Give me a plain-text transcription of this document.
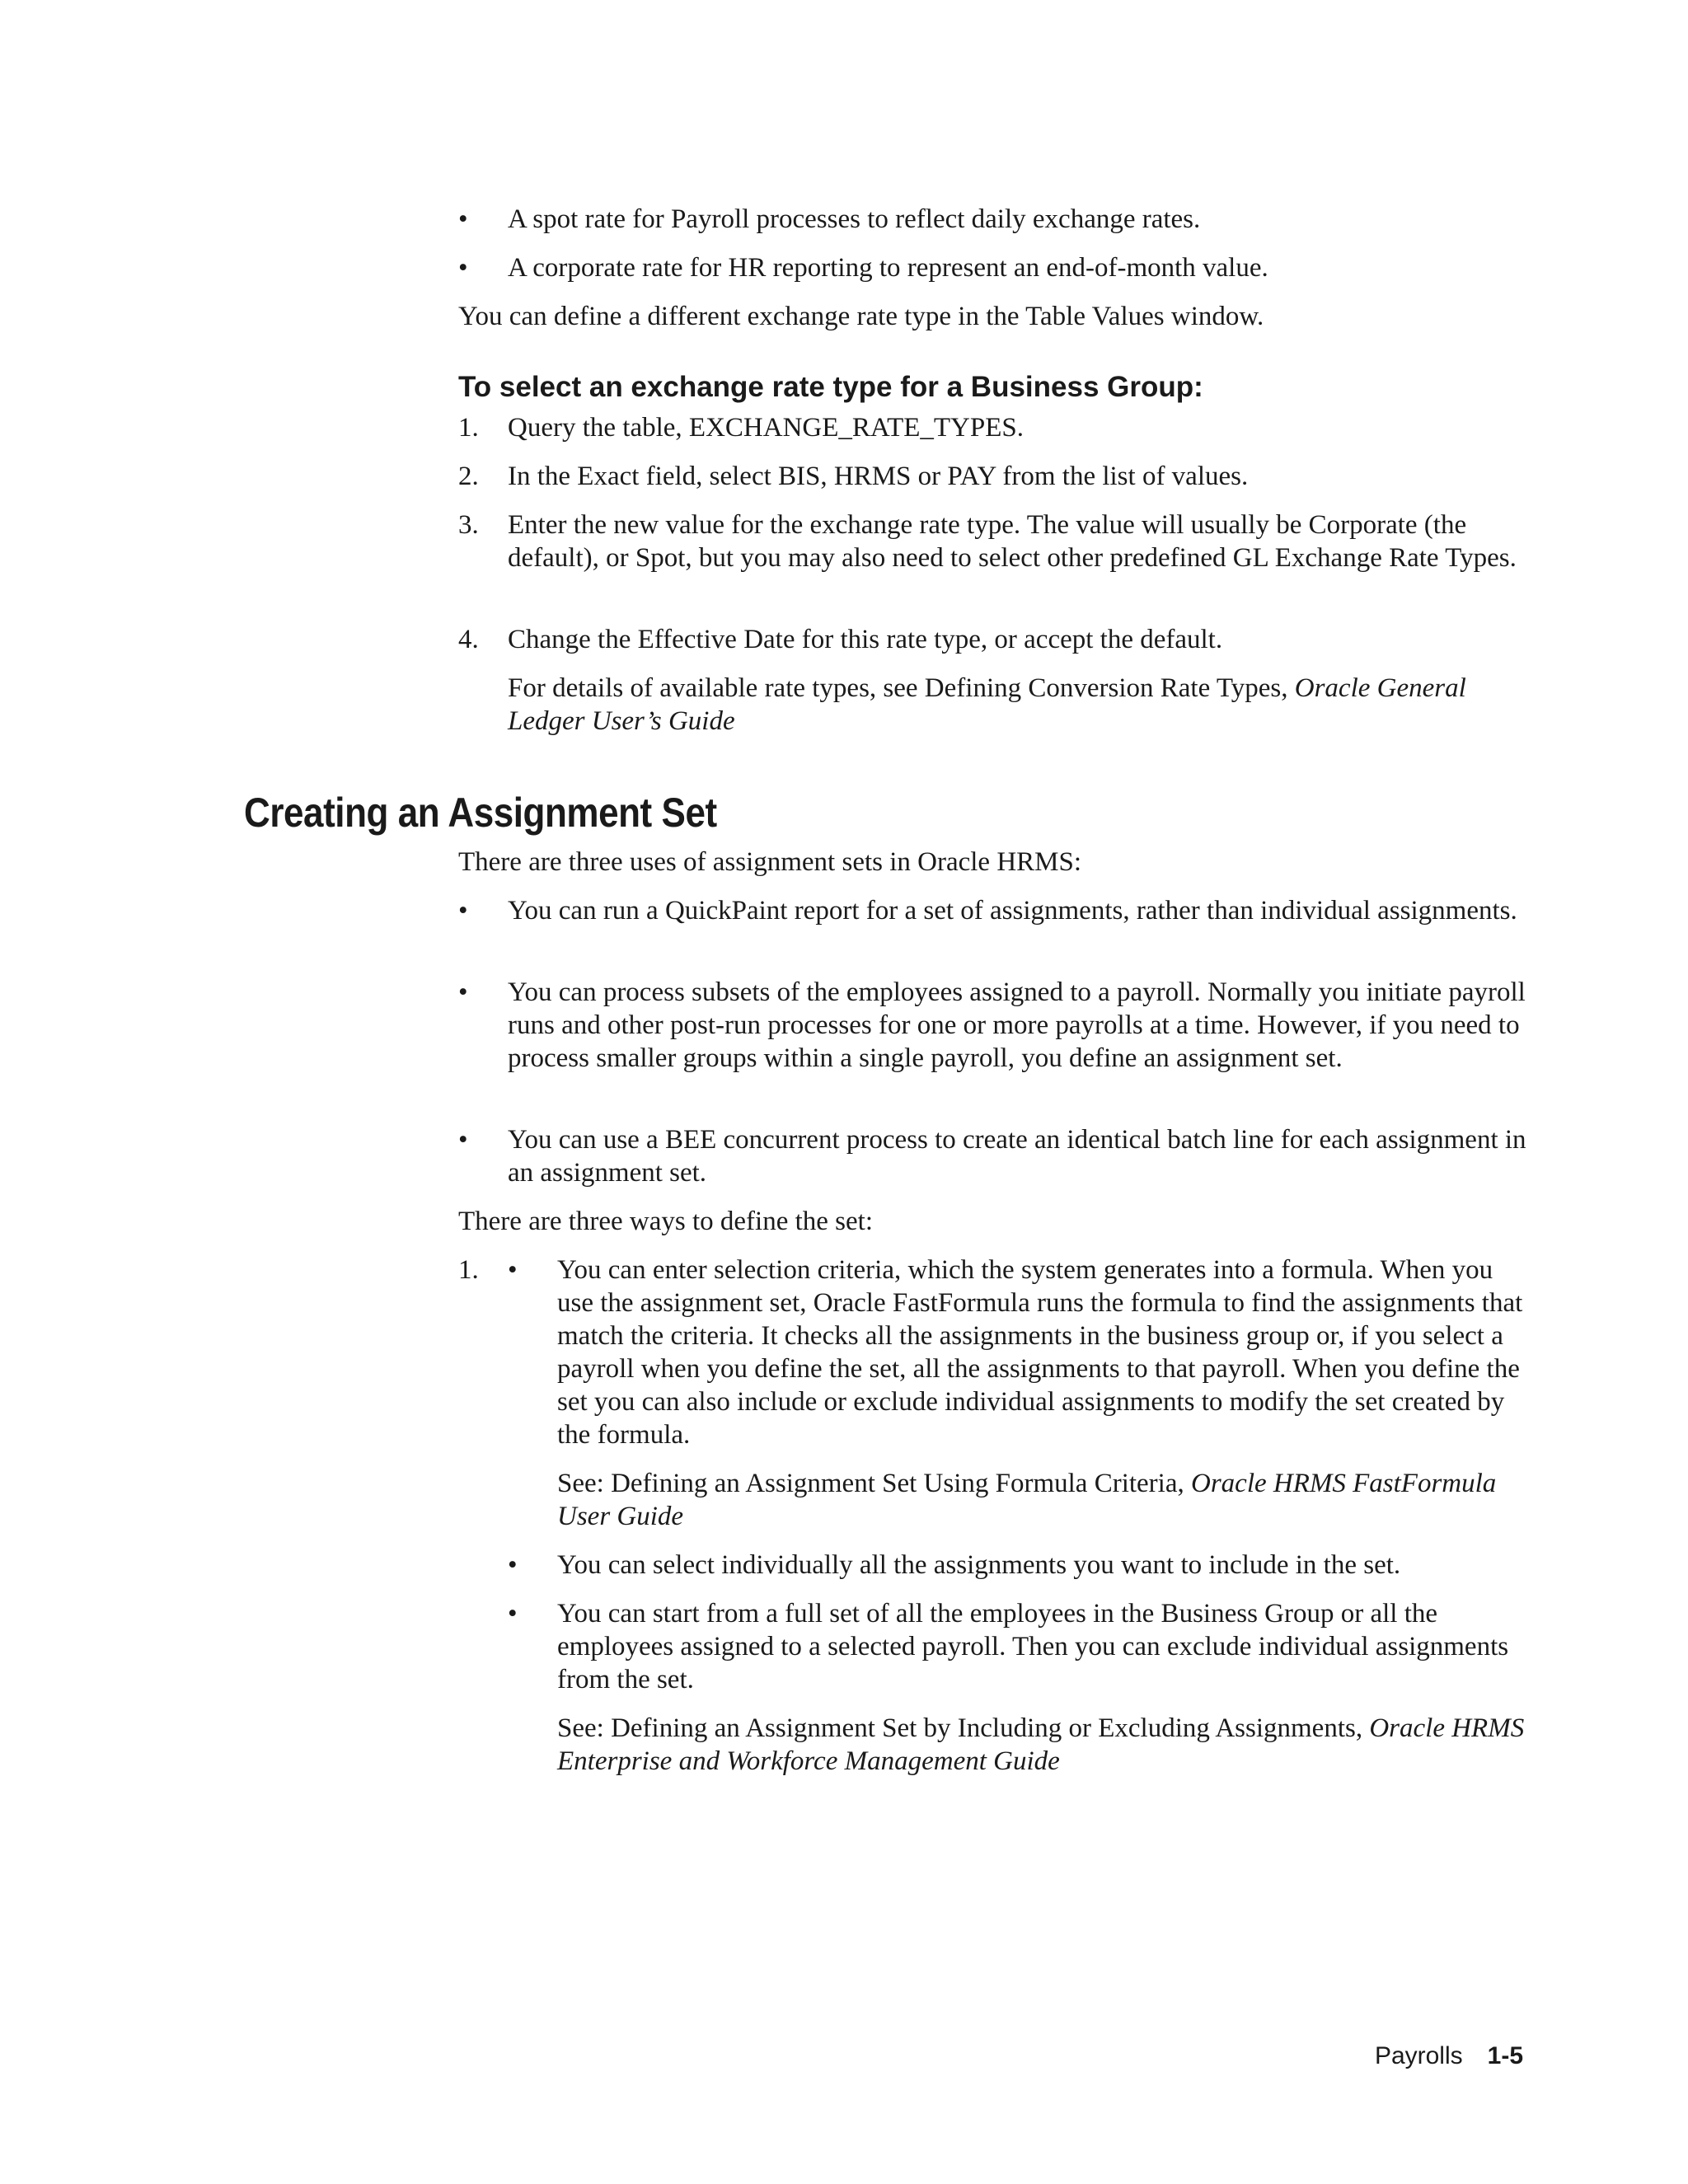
•	A spot rate for Payroll processes to reflect daily exchange rates.
•	A corporate rate for HR reporting to represent an end-of-month value.
You can define a different exchange rate type in the Table Values window.
To select an exchange rate type for a Business Group:
1.	Query the table, EXCHANGE_RATE_TYPES.
2.	In the Exact field, select BIS, HRMS or PAY from the list of values.
3.	Enter the new value for the exchange rate type. The value will usually be Corporate (the default), or Spot, but you may also need to select other predefined GL Exchange Rate Types.
4.	Change the Effective Date for this rate type, or accept the default.
For details of available rate types, see Defining Conversion Rate Types, Oracle General Ledger User’s Guide
Creating an Assignment Set
There are three uses of assignment sets in Oracle HRMS:
•	You can run a QuickPaint report for a set of assignments, rather than individual assignments.
•	You can process subsets of the employees assigned to a payroll. Normally you initiate payroll runs and other post-run processes for one or more payrolls at a time. However, if you need to process smaller groups within a single payroll, you define an assignment set.
•	You can use a BEE concurrent process to create an identical batch line for each assignment in an assignment set.
There are three ways to define the set:
1.	•	You can enter selection criteria, which the system generates into a formula. When you use the assignment set, Oracle FastFormula runs the formula to find the assignments that match the criteria. It checks all the assignments in the business group or, if you select a payroll when you define the set, all the assignments to that payroll. When you define the set you can also include or exclude individual assignments to modify the set created by the formula.
See: Defining an Assignment Set Using Formula Criteria, Oracle HRMS FastFormula User Guide
•	You can select individually all the assignments you want to include in the set.
•	You can start from a full set of all the employees in the Business Group or all the employees assigned to a selected payroll. Then you can exclude individual assignments from the set.
See: Defining an Assignment Set by Including or Excluding Assignments, Oracle HRMS Enterprise and Workforce Management Guide
Payrolls 1-5
